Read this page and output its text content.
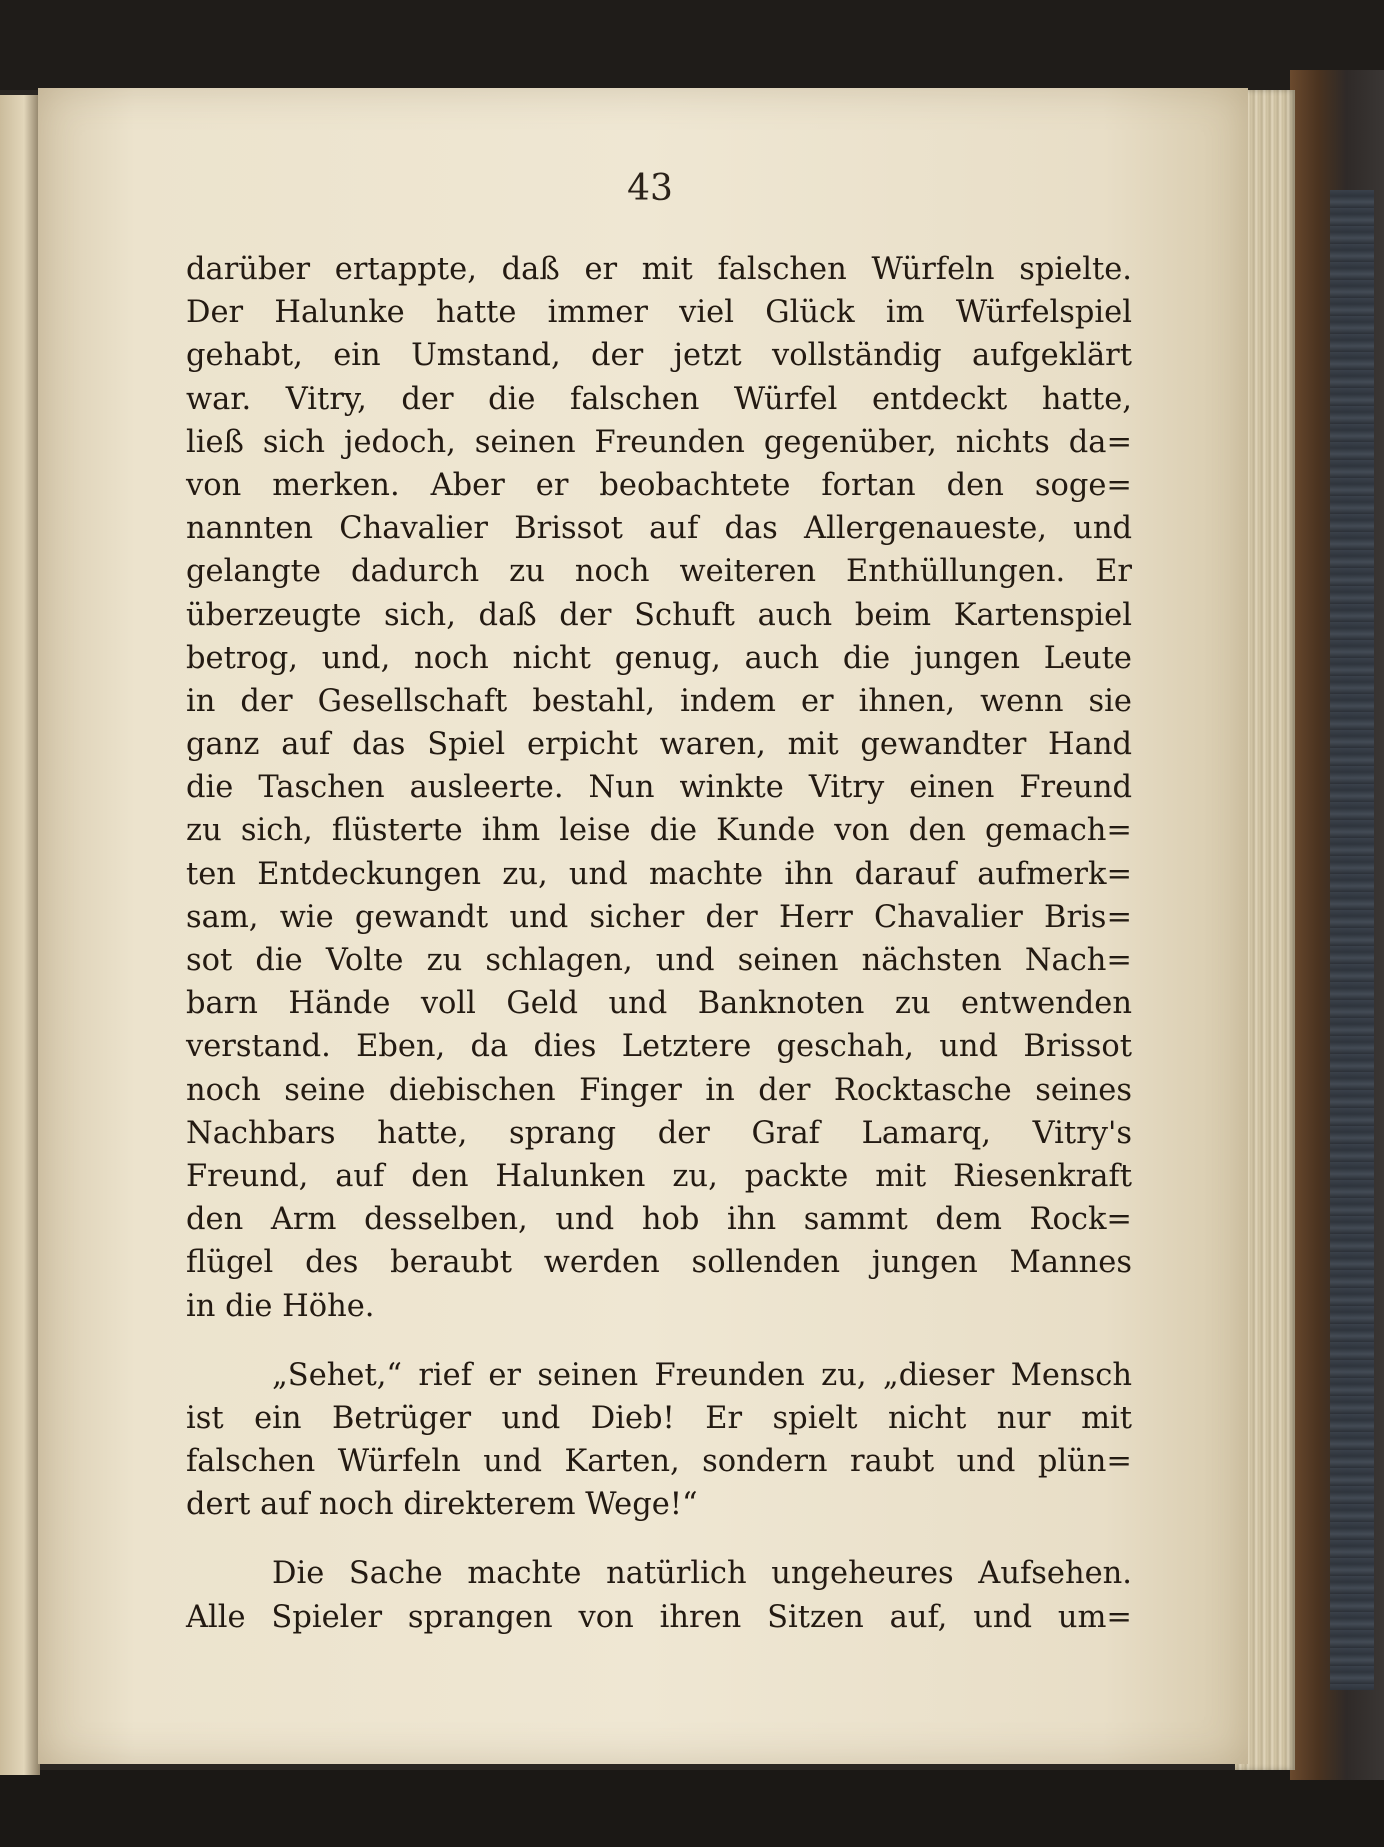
43
darüber ertappte, daß er mit falschen Würfeln spielte.
Der Halunke hatte immer viel Glück im Würfelspiel
gehabt, ein Umstand, der jetzt vollständig aufgeklärt
war. Vitry, der die falschen Würfel entdeckt hatte,
ließ sich jedoch, seinen Freunden gegenüber, nichts da=
von merken. Aber er beobachtete fortan den soge=
nannten Chavalier Brissot auf das Allergenaueste, und
gelangte dadurch zu noch weiteren Enthüllungen. Er
überzeugte sich, daß der Schuft auch beim Kartenspiel
betrog, und, noch nicht genug, auch die jungen Leute
in der Gesellschaft bestahl, indem er ihnen, wenn sie
ganz auf das Spiel erpicht waren, mit gewandter Hand
die Taschen ausleerte. Nun winkte Vitry einen Freund
zu sich, flüsterte ihm leise die Kunde von den gemach=
ten Entdeckungen zu, und machte ihn darauf aufmerk=
sam, wie gewandt und sicher der Herr Chavalier Bris=
sot die Volte zu schlagen, und seinen nächsten Nach=
barn Hände voll Geld und Banknoten zu entwenden
verstand. Eben, da dies Letztere geschah, und Brissot
noch seine diebischen Finger in der Rocktasche seines
Nachbars hatte, sprang der Graf Lamarq, Vitry's
Freund, auf den Halunken zu, packte mit Riesenkraft
den Arm desselben, und hob ihn sammt dem Rock=
flügel des beraubt werden sollenden jungen Mannes
in die Höhe.
„Sehet,“ rief er seinen Freunden zu, „dieser Mensch
ist ein Betrüger und Dieb! Er spielt nicht nur mit
falschen Würfeln und Karten, sondern raubt und plün=
dert auf noch direkterem Wege!“
Die Sache machte natürlich ungeheures Aufsehen.
Alle Spieler sprangen von ihren Sitzen auf, und um=
